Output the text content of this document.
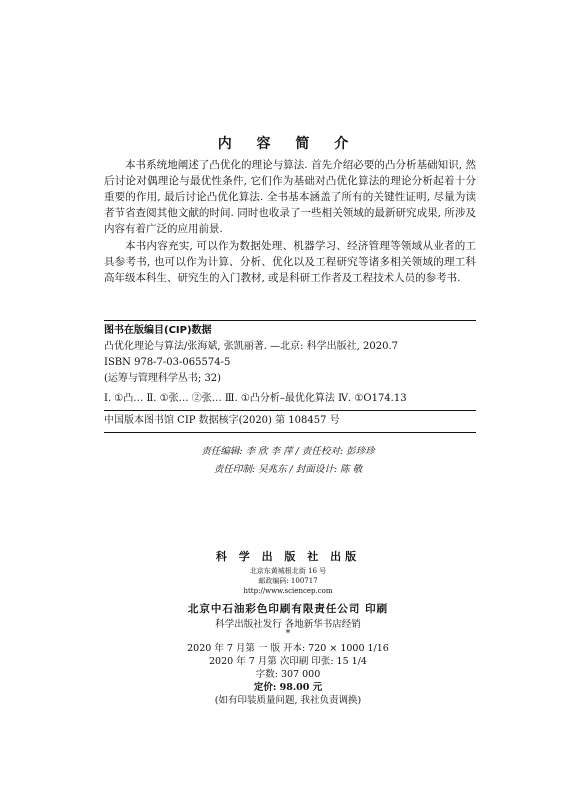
内 容 简 介
本书系统地阐述了凸优化的理论与算法. 首先介绍必要的凸分析基础知识, 然后讨论对偶理论与最优性条件, 它们作为基础对凸优化算法的理论分析起着十分重要的作用, 最后讨论凸优化算法. 全书基本涵盖了所有的关键性证明, 尽量为读者节省查阅其他文献的时间. 同时也收录了一些相关领域的最新研究成果, 所涉及内容有着广泛的应用前景.
本书内容充实, 可以作为数据处理、机器学习、经济管理等领域从业者的工具参考书, 也可以作为计算、分析、优化以及工程研究等诸多相关领域的理工科高年级本科生、研究生的入门教材, 或是科研工作者及工程技术人员的参考书.
图书在版编目(CIP)数据
凸优化理论与算法/张海斌, 张凯丽著. —北京: 科学出版社, 2020.7
ISBN 978-7-03-065574-5
(运筹与管理科学丛书; 32)
Ⅰ. ①凸… Ⅱ. ①张… ②张… Ⅲ. ①凸分析–最优化算法 Ⅳ. ①O174.13
中国版本图书馆 CIP 数据核字(2020) 第 108457 号
责任编辑: 李 欣 李 萍 / 责任校对: 彭珍珍
责任印制: 吴兆东 / 封面设计: 陈 敬
科 学 出 版 社 出版
北京东黄城根北街 16 号
邮政编码: 100717
http://www.sciencep.com
北京中石油彩色印刷有限责任公司 印刷
科学出版社发行 各地新华书店经销
*
2020 年 7 月第 一 版 开本: 720 × 1000 1/16
2020 年 7 月第 次印刷 印张: 15 1/4
字数: 307 000
定价: 98.00 元
(如有印装质量问题, 我社负责调换)
